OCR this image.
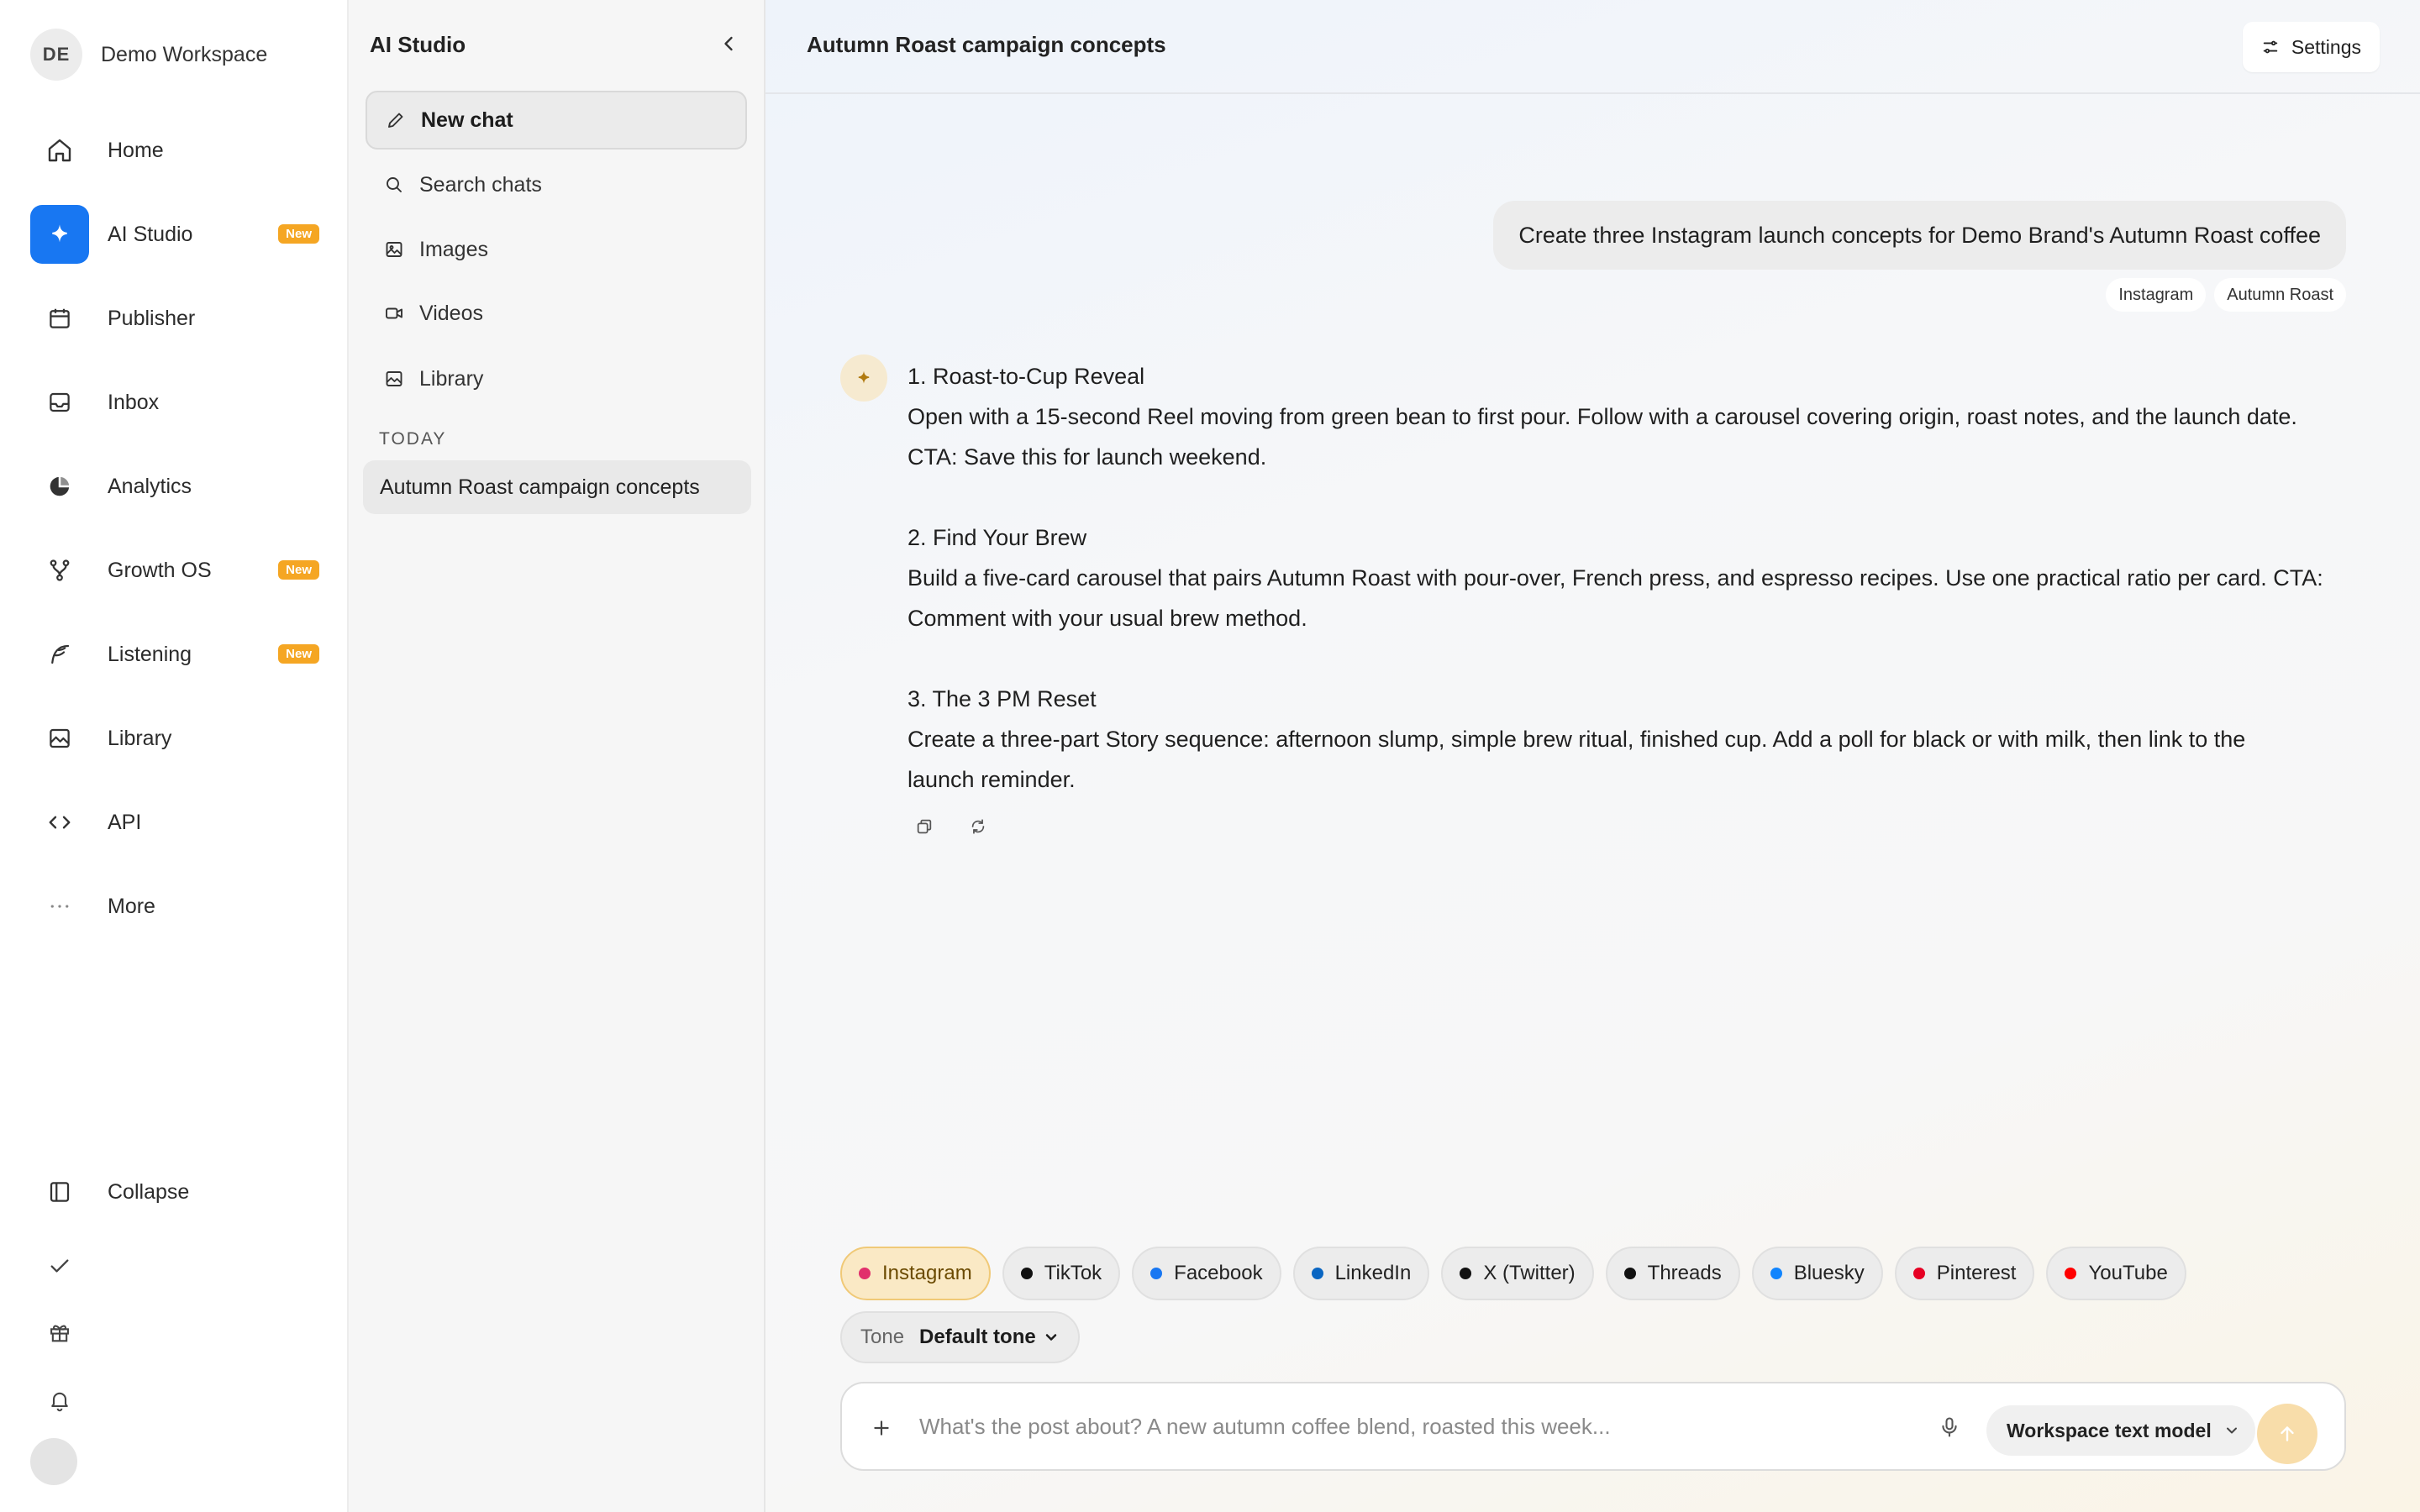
DE	Demo Workspace
Home
AI Studio	New
Publisher
Inbox
Analytics
Growth OS	New
Listening	New
Library
API
More
Collapse
AI Studio
New chat
Search chats
Images
Videos
Library
TODAY
Autumn Roast campaign concepts
Autumn Roast campaign concepts	Settings
Create three Instagram launch concepts for Demo Brand's Autumn Roast coffee
Instagram	Autumn Roast

1. Roast-to-Cup Reveal

Open with a 15-second Reel moving from green bean to first pour. Follow with a carousel covering origin, roast notes, and the launch date.

CTA: Save this for launch weekend.

2. Find Your Brew

Build a five-card carousel that pairs Autumn Roast with pour-over, French press, and espresso recipes. Use one practical ratio per card. CTA:

Comment with your usual brew method.

3. The 3 PM Reset

Create a three-part Story sequence: afternoon slump, simple brew ritual, finished cup. Add a poll for black or with milk, then link to the

launch reminder.

Instagram	TikTok	Facebook	LinkedIn	X (Twitter)	Threads	Bluesky	Pinterest	YouTube
Tone Default tone
What's the post about? A new autumn coffee blend, roasted this week...
Workspace text model
